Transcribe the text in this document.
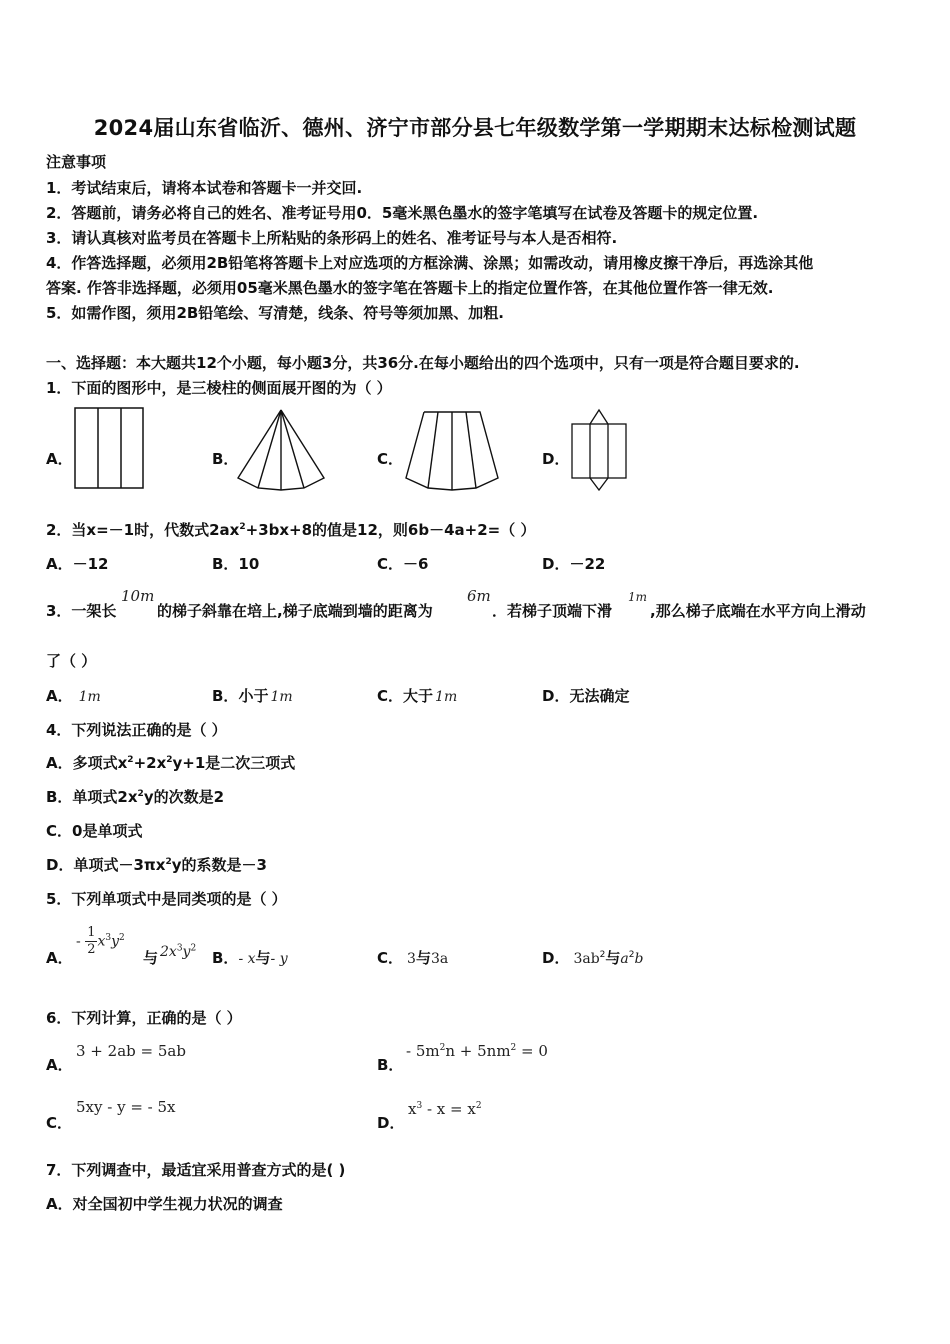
2024届山东省临沂、德州、济宁市部分县七年级数学第一学期期末达标检测试题
注意事项
1．考试结束后，请将本试卷和答题卡一并交回.
2．答题前，请务必将自己的姓名、准考证号用0．5毫米黑色墨水的签字笔填写在试卷及答题卡的规定位置.
3．请认真核对监考员在答题卡上所粘贴的条形码上的姓名、准考证号与本人是否相符.
4．作答选择题，必须用2B铅笔将答题卡上对应选项的方框涂满、涂黑；如需改动，请用橡皮擦干净后，再选涂其他
答案. 作答非选择题，必须用05毫米黑色墨水的签字笔在答题卡上的指定位置作答，在其他位置作答一律无效.
5．如需作图，须用2B铅笔绘、写清楚，线条、符号等须加黑、加粗.
一、选择题：本大题共12个小题，每小题3分，共36分.在每小题给出的四个选项中，只有一项是符合题目要求的.
1．下面的图形中，是三棱柱的侧面展开图的为（ ）
A．	B．	C．	D．
2．当x=－1时，代数式$2ax^2+3bx+8$的值是12，则6b－4a+2=（ ）
A．－12	B．10	C．－6	D．－22
3．一架长
10m
的梯子斜靠在培上,梯子底端到墙的距离为
6m
．若梯子顶端下滑
1m
,那么梯子底端在水平方向上滑动
了（ ）
A． 1m	B．小于 1m	C．大于 1m	D．无法确定
4．下列说法正确的是（ ）
A．多项式$x^2+2x^2y+1$是二次三项式
B．单项式$2x^2y$的次数是2
C．0是单项式
D．单项式$-3\pi x^2y$的系数是－3
5．下列单项式中是同类项的是（ ）
A．
- $\frac{1}{2} x^3y^2$
与 $2x^3y^2$
B．- x与- y	C． 3与3a	D． $3ab^2$与$a^2b$
6．下列计算，正确的是（ ）
A．
3 + 2ab = 5ab
B．
- $5m^2n + 5nm^2 = 0$
C．
5xy - y = - 5x
D．
$x^3 - x = x^2$
7．下列调查中，最适宜采用普查方式的是( )
A．对全国初中学生视力状况的调查
